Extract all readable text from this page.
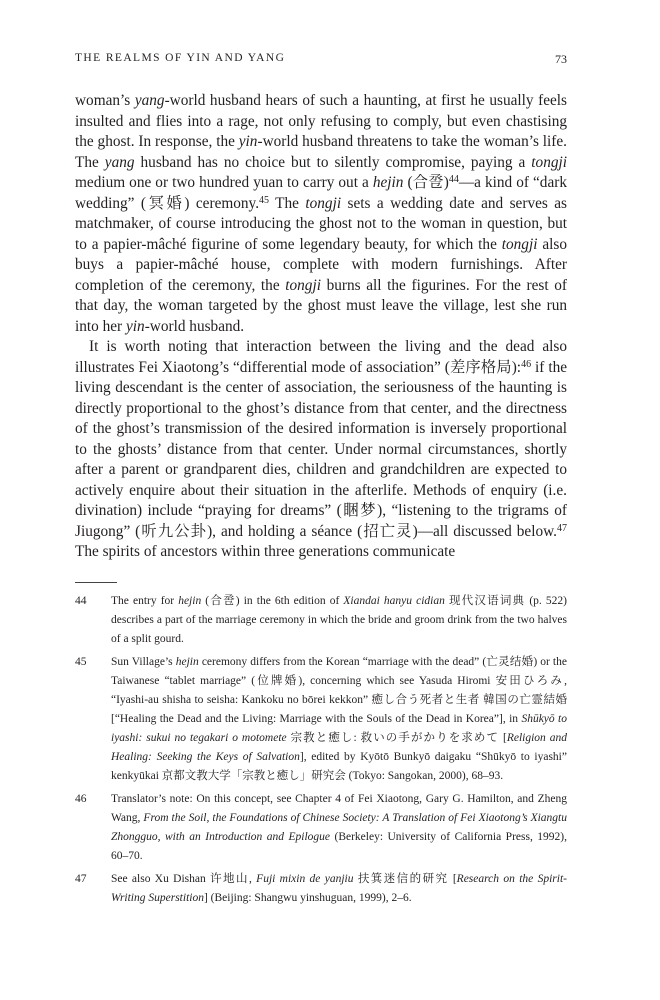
THE REALMS OF YIN AND YANG	73

woman’s yang-world husband hears of such a haunting, at first he usually feels insulted and flies into a rage, not only refusing to comply, but even chastising the ghost. In response, the yin-world husband threatens to take the woman’s life. The yang husband has no choice but to silently compromise, paying a tongji medium one or two hundred yuan to carry out a hejin (合卺)$^{44}$—a kind of “dark wedding” (冥婚) ceremony.$^{45}$ The tongji sets a wedding date and serves as matchmaker, of course introducing the ghost not to the woman in question, but to a papier-mâché figurine of some legendary beauty, for which the tongji also buys a papier-mâché house, complete with modern furnishings. After completion of the ceremony, the tongji burns all the figurines. For the rest of that day, the woman targeted by the ghost must leave the village, lest she run into her yin-world husband.

It is worth noting that interaction between the living and the dead also illustrates Fei Xiaotong’s “differential mode of association” (差序格局):$^{46}$ if the living descendant is the center of association, the seriousness of the haunting is directly proportional to the ghost’s distance from that center, and the directness of the ghost’s transmission of the desired information is inversely proportional to the ghosts’ distance from that center. Under normal circumstances, shortly after a parent or grandparent dies, children and grandchildren are expected to actively enquire about their situation in the afterlife. Methods of enquiry (i.e. divination) include “praying for dreams” (睏梦), “listening to the trigrams of Jiugong” (听九公卦), and holding a séance (招亡灵)—all discussed below.$^{47}$ The spirits of ancestors within three generations communicate

44 The entry for hejin (合卺) in the 6th edition of Xiandai hanyu cidian 现代汉语词典 (p. 522) describes a part of the marriage ceremony in which the bride and groom drink from the two halves of a split gourd.
45 Sun Village’s hejin ceremony differs from the Korean “marriage with the dead” (亡灵结婚) or the Taiwanese “tablet marriage” (位牌婚), concerning which see Yasuda Hiromi 安田ひろみ, “Iyashi-au shisha to seisha: Kankoku no bōrei kekkon” 癒し合う死者と生者 韓国の亡霊結婚 [“Healing the Dead and the Living: Marriage with the Souls of the Dead in Korea”], in Shūkyō to iyashi: sukui no tegakari o motomete 宗教と癒し: 救いの手がかりを求めて [Religion and Healing: Seeking the Keys of Salvation], edited by Kyōtō Bunkyō daigaku “Shūkyō to iyashi” kenkyūkai 京都文教大学「宗教と癒し」研究会 (Tokyo: Sangokan, 2000), 68–93.
46 Translator’s note: On this concept, see Chapter 4 of Fei Xiaotong, Gary G. Hamilton, and Zheng Wang, From the Soil, the Foundations of Chinese Society: A Translation of Fei Xiaotong’s Xiangtu Zhongguo, with an Introduction and Epilogue (Berkeley: University of California Press, 1992), 60–70.
47 See also Xu Dishan 许地山, Fuji mixin de yanjiu 扶箕迷信的研究 [Research on the Spirit-Writing Superstition] (Beijing: Shangwu yinshuguan, 1999), 2–6.
